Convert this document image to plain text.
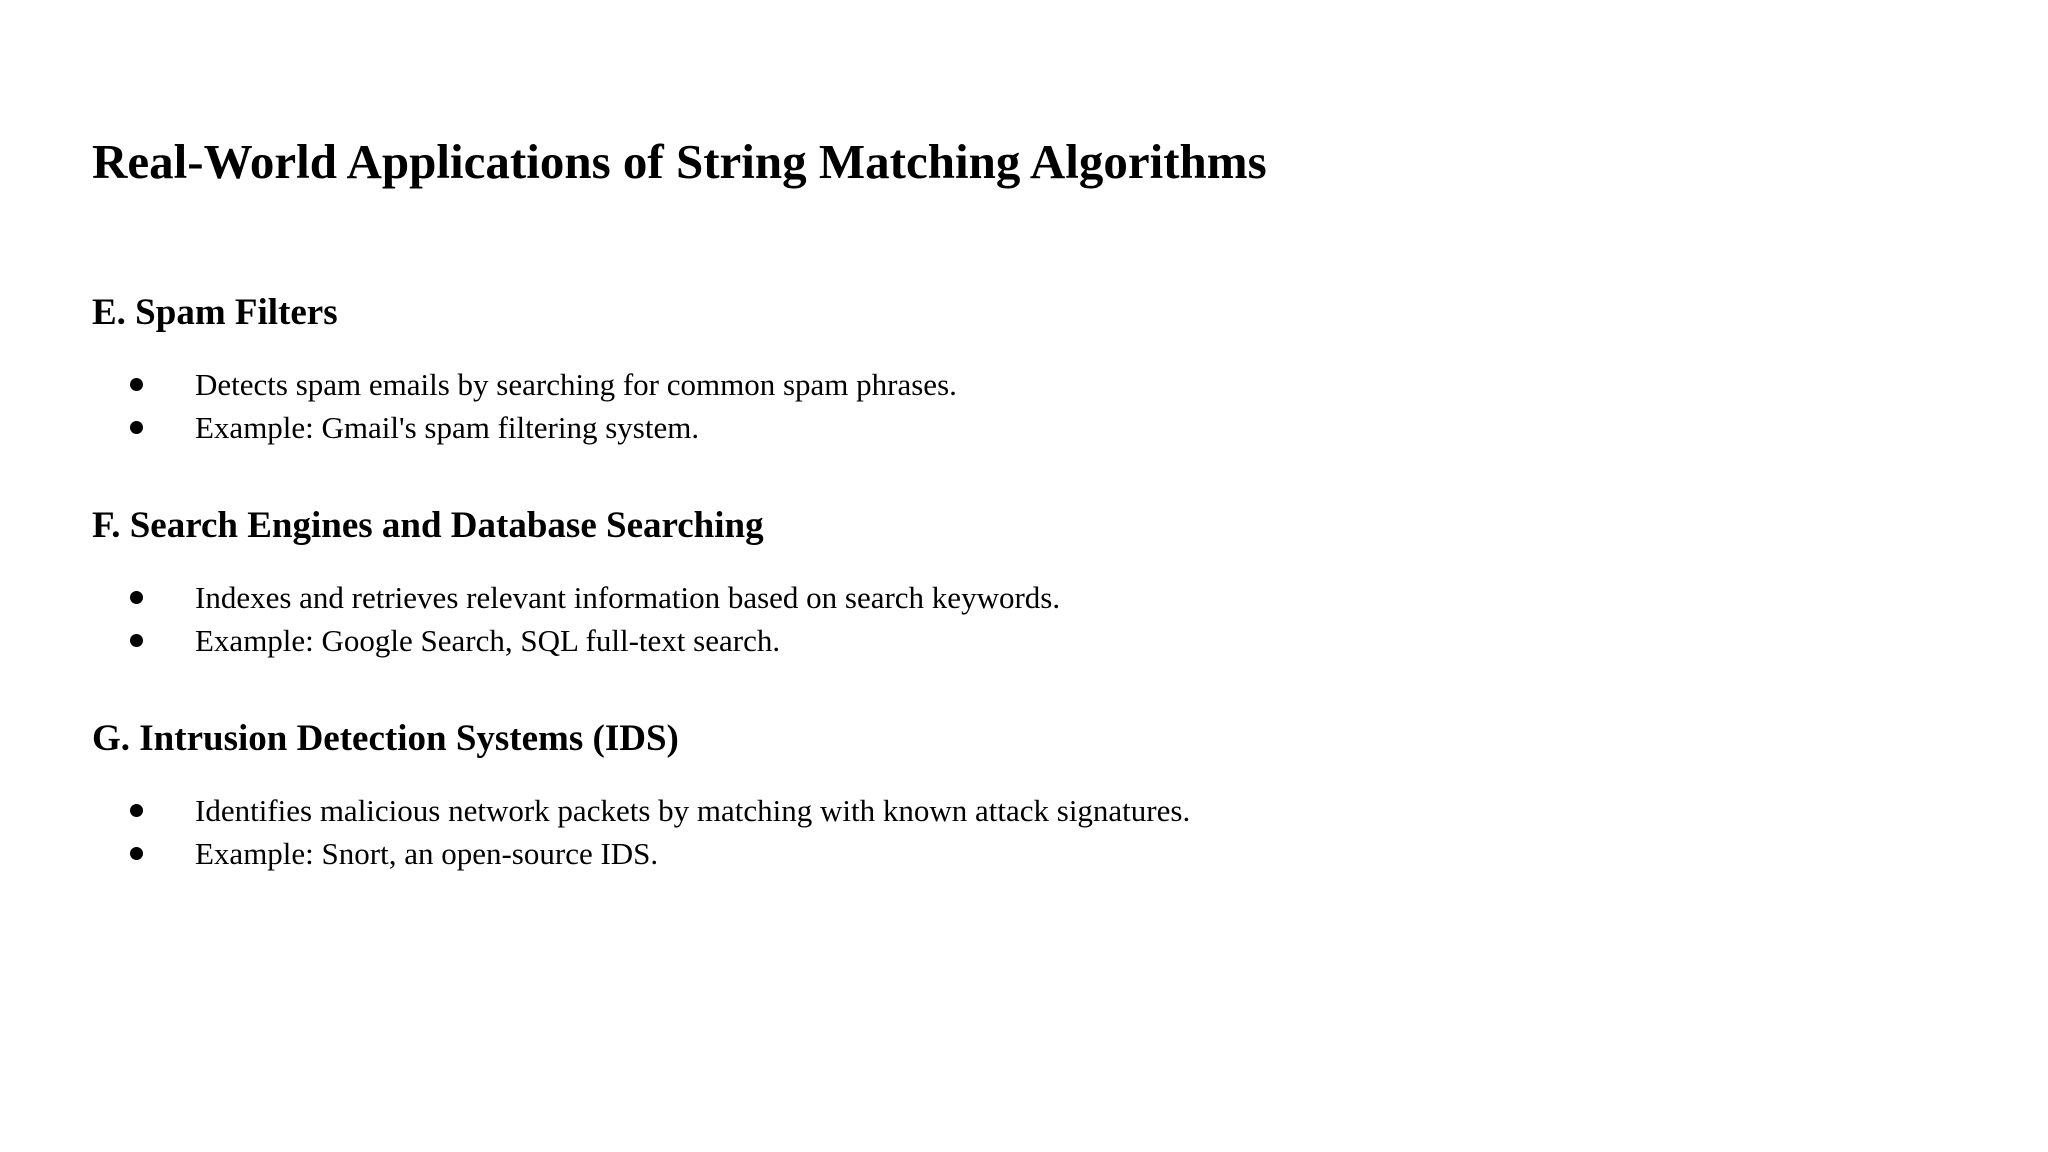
Real-World Applications of String Matching Algorithms
E. Spam Filters
Detects spam emails by searching for common spam phrases.
Example: Gmail's spam filtering system.
F. Search Engines and Database Searching
Indexes and retrieves relevant information based on search keywords.
Example: Google Search, SQL full-text search.
G. Intrusion Detection Systems (IDS)
Identifies malicious network packets by matching with known attack signatures.
Example: Snort, an open-source IDS.
